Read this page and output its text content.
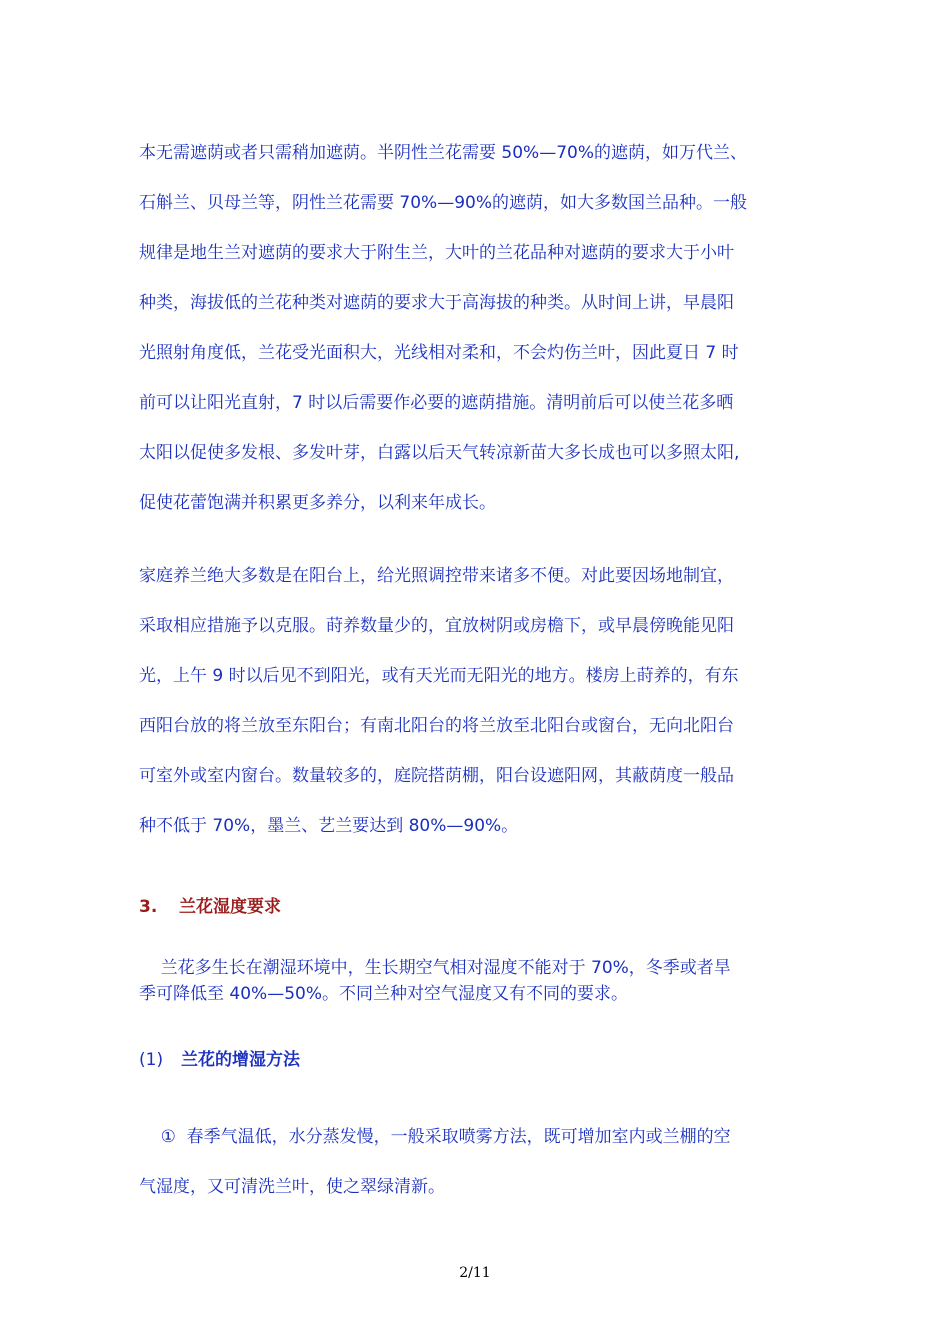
本无需遮荫或者只需稍加遮荫。半阴性兰花需要 50%—70%的遮荫，如万代兰、

石斛兰、贝母兰等，阴性兰花需要 70%—90%的遮荫，如大多数国兰品种。一般

规律是地生兰对遮荫的要求大于附生兰，大叶的兰花品种对遮荫的要求大于小叶

种类，海拔低的兰花种类对遮荫的要求大于高海拔的种类。从时间上讲，早晨阳

光照射角度低，兰花受光面积大，光线相对柔和，不会灼伤兰叶，因此夏日 7 时

前可以让阳光直射，7 时以后需要作必要的遮荫措施。清明前后可以使兰花多晒

太阳以促使多发根、多发叶芽，白露以后天气转凉新苗大多长成也可以多照太阳,

促使花蕾饱满并积累更多养分，以利来年成长。

家庭养兰绝大多数是在阳台上，给光照调控带来诸多不便。对此要因场地制宜，

采取相应措施予以克服。莳养数量少的，宜放树阴或房檐下，或早晨傍晚能见阳

光，上午 9 时以后见不到阳光，或有天光而无阳光的地方。楼房上莳养的，有东

西阳台放的将兰放至东阳台；有南北阳台的将兰放至北阳台或窗台，无向北阳台

可室外或室内窗台。数量较多的，庭院搭荫棚，阳台设遮阳网，其蔽荫度一般品

种不低于 70%，墨兰、艺兰要达到 80%—90%。

3. 兰花湿度要求

兰花多生长在潮湿环境中，生长期空气相对湿度不能对于 70%，冬季或者旱

季可降低至 40%—50%。不同兰种对空气湿度又有不同的要求。

(1) 兰花的增湿方法

①  春季气温低，水分蒸发慢，一般采取喷雾方法，既可增加室内或兰棚的空

气湿度，又可清洗兰叶，使之翠绿清新。

2/11
